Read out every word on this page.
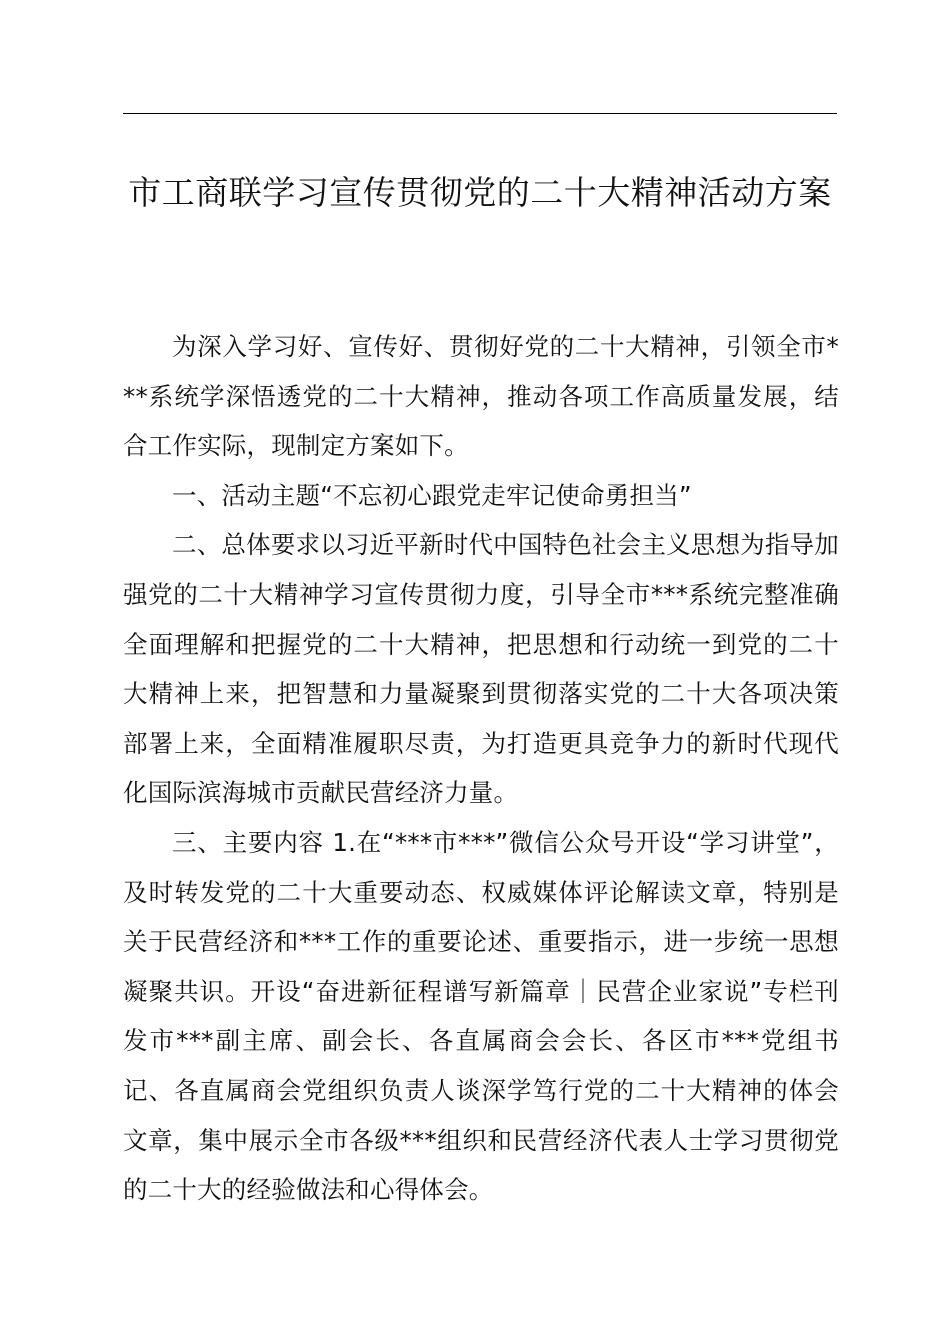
市工商联学习宣传贯彻党的二十大精神活动方案

为深入学习好、宣传好、贯彻好党的二十大精神，引领全市***系统学深悟透党的二十大精神，推动各项工作高质量发展，结合工作实际，现制定方案如下。

一、活动主题“不忘初心跟党走牢记使命勇担当”

二、总体要求以习近平新时代中国特色社会主义思想为指导加强党的二十大精神学习宣传贯彻力度，引导全市***系统完整准确全面理解和把握党的二十大精神，把思想和行动统一到党的二十大精神上来，把智慧和力量凝聚到贯彻落实党的二十大各项决策部署上来，全面精准履职尽责，为打造更具竞争力的新时代现代化国际滨海城市贡献民营经济力量。

三、主要内容 1.在“***市***”微信公众号开设“学习讲堂”，及时转发党的二十大重要动态、权威媒体评论解读文章，特别是关于民营经济和***工作的重要论述、重要指示，进一步统一思想凝聚共识。开设“奋进新征程谱写新篇章｜民营企业家说”专栏刊发市***副主席、副会长、各直属商会会长、各区市***党组书记、各直属商会党组织负责人谈深学笃行党的二十大精神的体会文章，集中展示全市各级***组织和民营经济代表人士学习贯彻党的二十大的经验做法和心得体会。
